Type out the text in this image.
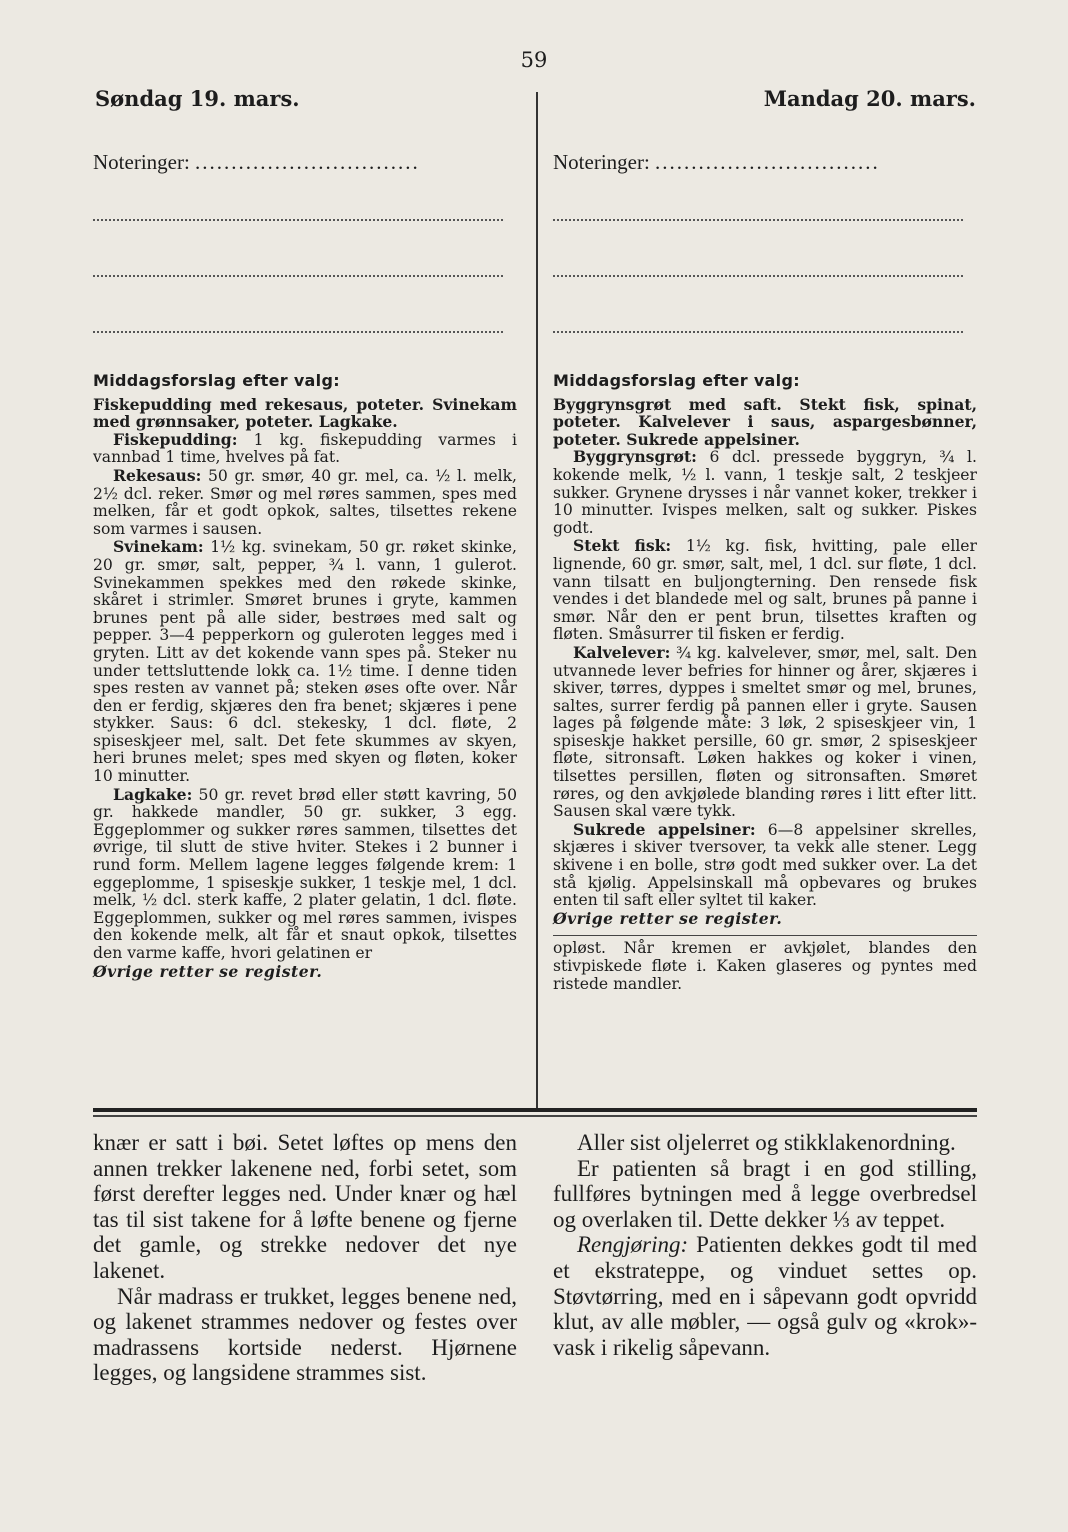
59
Søndag 19. mars.	Mandag 20. mars.
Noteringer: ...............................	Noteringer: ...............................
Middagsforslag efter valg:
Fiskepudding med rekesaus, poteter. Svinekam med grønnsaker, poteter. Lagkake.
Fiskepudding: 1 kg. fiskepudding varmes i vannbad 1 time, hvelves på fat.
Rekesaus: 50 gr. smør, 40 gr. mel, ca. ½ l. melk, 2½ dcl. reker. Smør og mel røres sammen, spes med melken, får et godt opkok, saltes, tilsettes rekene som varmes i sausen.
Svinekam: 1½ kg. svinekam, 50 gr. røket skinke, 20 gr. smør, salt, pepper, ¾ l. vann, 1 gulerot. Svinekammen spekkes med den røkede skinke, skåret i strimler. Smøret brunes i gryte, kammen brunes pent på alle sider, bestrøes med salt og pepper. 3—4 pepperkorn og guleroten legges med i gryten. Litt av det kokende vann spes på. Steker nu under tettsluttende lokk ca. 1½ time. I denne tiden spes resten av vannet på; steken øses ofte over. Når den er ferdig, skjæres den fra benet; skjæres i pene stykker. Saus: 6 dcl. stekesky, 1 dcl. fløte, 2 spiseskjeer mel, salt. Det fete skummes av skyen, heri brunes melet; spes med skyen og fløten, koker 10 minutter.
Lagkake: 50 gr. revet brød eller støtt kavring, 50 gr. hakkede mandler, 50 gr. sukker, 3 egg. Eggeplommer og sukker røres sammen, tilsettes det øvrige, til slutt de stive hviter. Stekes i 2 bunner i rund form. Mellem lagene legges følgende krem: 1 eggeplomme, 1 spiseskje sukker, 1 teskje mel, 1 dcl. melk, ½ dcl. sterk kaffe, 2 plater gelatin, 1 dcl. fløte. Eggeplommen, sukker og mel røres sammen, ivispes den kokende melk, alt får et snaut opkok, tilsettes den varme kaffe, hvori gelatinen er
Øvrige retter se register.
Middagsforslag efter valg:
Byggrynsgrøt med saft. Stekt fisk, spinat, poteter. Kalvelever i saus, aspargesbønner, poteter. Sukrede appelsiner.
Byggrynsgrøt: 6 dcl. pressede byggryn, ¾ l. kokende melk, ½ l. vann, 1 teskje salt, 2 teskjeer sukker. Grynene drysses i når vannet koker, trekker i 10 minutter. Ivispes melken, salt og sukker. Piskes godt.
Stekt fisk: 1½ kg. fisk, hvitting, pale eller lignende, 60 gr. smør, salt, mel, 1 dcl. sur fløte, 1 dcl. vann tilsatt en buljongterning. Den rensede fisk vendes i det blandede mel og salt, brunes på panne i smør. Når den er pent brun, tilsettes kraften og fløten. Småsurrer til fisken er ferdig.
Kalvelever: ¾ kg. kalvelever, smør, mel, salt. Den utvannede lever befries for hinner og årer, skjæres i skiver, tørres, dyppes i smeltet smør og mel, brunes, saltes, surrer ferdig på pannen eller i gryte. Sausen lages på følgende måte: 3 løk, 2 spiseskjeer vin, 1 spiseskje hakket persille, 60 gr. smør, 2 spiseskjeer fløte, sitronsaft. Løken hakkes og koker i vinen, tilsettes persillen, fløten og sitronsaften. Smøret røres, og den avkjølede blanding røres i litt efter litt. Sausen skal være tykk.
Sukrede appelsiner: 6—8 appelsiner skrelles, skjæres i skiver tversover, ta vekk alle stener. Legg skivene i en bolle, strø godt med sukker over. La det stå kjølig. Appelsinskall må opbevares og brukes enten til saft eller syltet til kaker.
Øvrige retter se register.
opløst. Når kremen er avkjølet, blandes den stivpiskede fløte i. Kaken glaseres og pyntes med ristede mandler.

knær er satt i bøi. Setet løftes op mens den annen trekker lakenene ned, forbi setet, som først derefter legges ned. Under knær og hæl tas til sist takene for å løfte benene og fjerne det gamle, og strekke nedover det nye lakenet.

Når madrass er trukket, legges benene ned, og lakenet strammes nedover og festes over madrassens kortside nederst. Hjørnene legges, og langsidene strammes sist.

Aller sist oljelerret og stikklakenordning.

Er patienten så bragt i en god stilling, fullføres bytningen med å legge overbredsel og overlaken til. Dette dekker ⅓ av teppet.

Rengjøring: Patienten dekkes godt til med et ekstrateppe, og vinduet settes op. Støvtørring, med en i såpevann godt opvridd klut, av alle møbler, — også gulv og «krok»-vask i rikelig såpevann.
